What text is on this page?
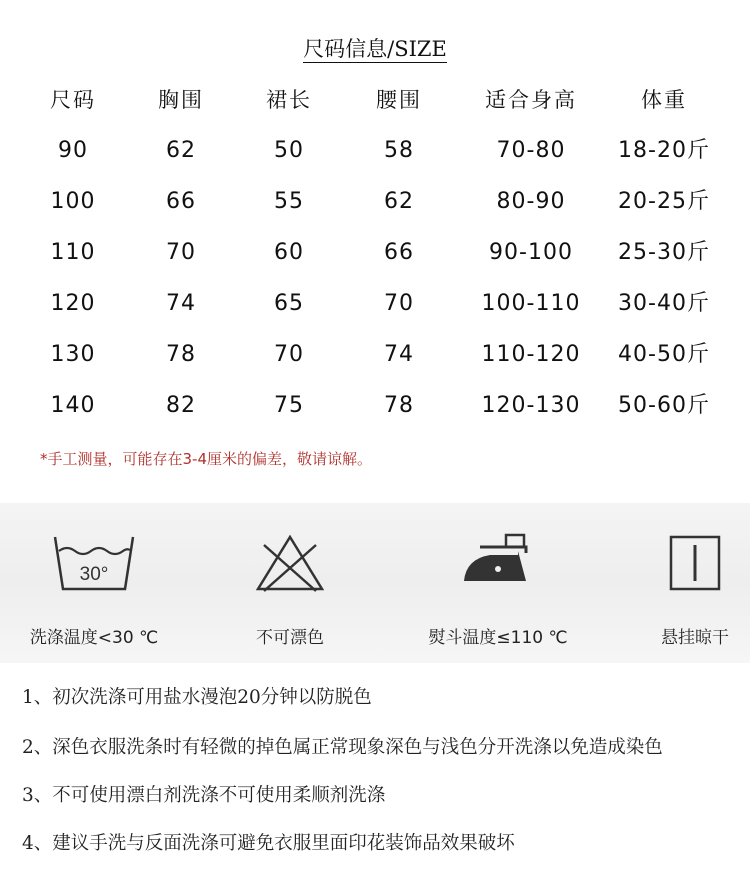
尺码信息/SIZE
尺码	胸围	裙长	腰围	适合身高	体重
90	62	50	58	70-80	18-20斤
100	66	55	62	80-90	20-25斤
110	70	60	66	90-100	25-30斤
120	74	65	70	100-110	30-40斤
130	78	70	74	110-120	40-50斤
140	82	75	78	120-130	50-60斤
*手工测量，可能存在3-4厘米的偏差，敬请谅解。
30°
洗涤温度<30 ℃	不可漂色	熨斗温度≤110 ℃	悬挂晾干
1、初次洗涤可用盐水漫泡20分钟以防脱色
2、深色衣服洗条时有轻微的掉色属正常现象深色与浅色分开洗涤以免造成染色
3、不可使用漂白剂洗涤不可使用柔顺剂洗涤
4、建议手洗与反面洗涤可避免衣服里面印花装饰品效果破坏
